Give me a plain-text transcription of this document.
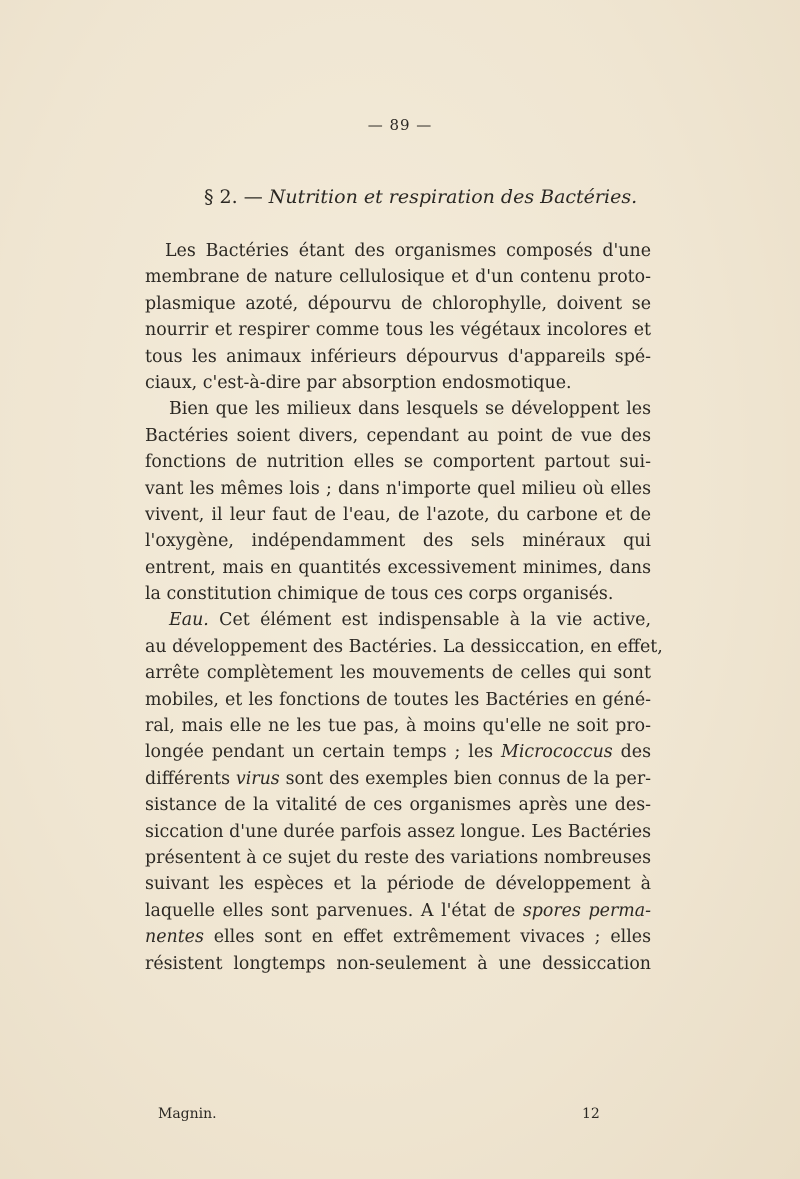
— 89 —
§ 2. — Nutrition et respiration des Bactéries.
Les Bactéries étant des organismes composés d'une
membrane de nature cellulosique et d'un contenu proto-
plasmique azoté, dépourvu de chlorophylle, doivent se
nourrir et respirer comme tous les végétaux incolores et
tous les animaux inférieurs dépourvus d'appareils spé-
ciaux, c'est-à-dire par absorption endosmotique.
Bien que les milieux dans lesquels se développent les
Bactéries soient divers, cependant au point de vue des
fonctions de nutrition elles se comportent partout sui-
vant les mêmes lois ; dans n'importe quel milieu où elles
vivent, il leur faut de l'eau, de l'azote, du carbone et de
l'oxygène, indépendamment des sels minéraux qui
entrent, mais en quantités excessivement minimes, dans
la constitution chimique de tous ces corps organisés.
Eau. Cet élément est indispensable à la vie active,
au développement des Bactéries. La dessiccation, en effet,
arrête complètement les mouvements de celles qui sont
mobiles, et les fonctions de toutes les Bactéries en géné-
ral, mais elle ne les tue pas, à moins qu'elle ne soit pro-
longée pendant un certain temps ; les Micrococcus des
différents virus sont des exemples bien connus de la per-
sistance de la vitalité de ces organismes après une des-
siccation d'une durée parfois assez longue. Les Bactéries
présentent à ce sujet du reste des variations nombreuses
suivant les espèces et la période de développement à
laquelle elles sont parvenues. A l'état de spores perma-
nentes elles sont en effet extrêmement vivaces ; elles
résistent longtemps non-seulement à une dessiccation
Magnin.	12
